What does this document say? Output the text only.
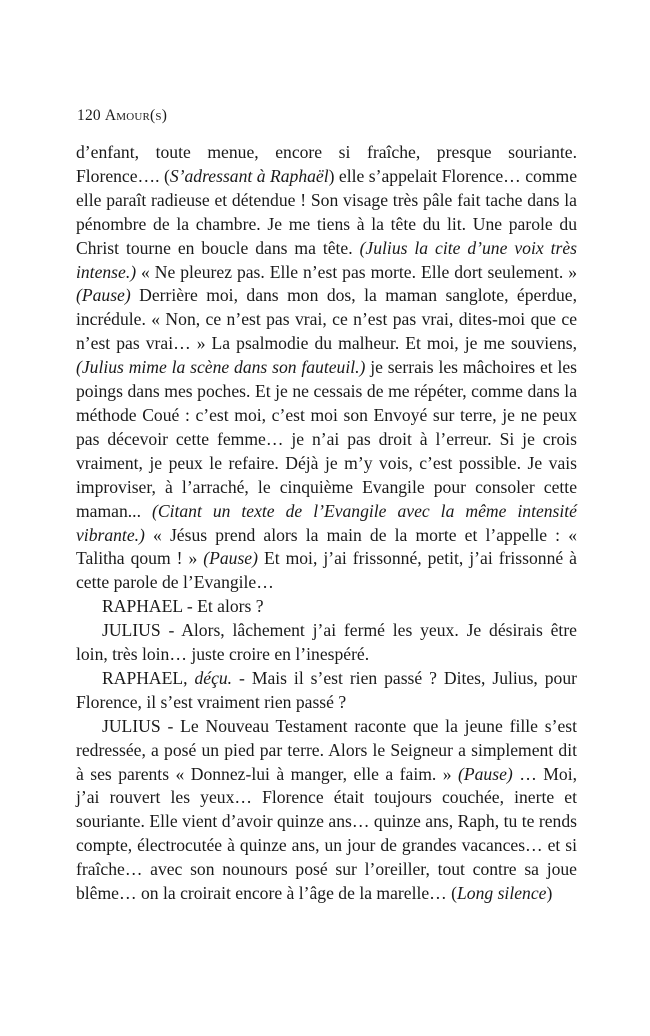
120 Amour(s)

d’enfant, toute menue, encore si fraîche, presque souriante. Florence…. (S’adressant à Raphaël) elle s’appelait Florence… comme elle paraît radieuse et détendue ! Son visage très pâle fait tache dans la pénombre de la chambre. Je me tiens à la tête du lit. Une parole du Christ tourne en boucle dans ma tête. (Julius la cite d’une voix très intense.) « Ne pleurez pas. Elle n’est pas morte. Elle dort seulement. » (Pause) Derrière moi, dans mon dos, la maman sanglote, éperdue, incrédule. « Non, ce n’est pas vrai, ce n’est pas vrai, dites-moi que ce n’est pas vrai… » La psalmodie du malheur. Et moi, je me souviens, (Julius mime la scène dans son fauteuil.) je serrais les mâchoires et les poings dans mes poches. Et je ne cessais de me répéter, comme dans la méthode Coué : c’est moi, c’est moi son Envoyé sur terre, je ne peux pas décevoir cette femme… je n’ai pas droit à l’erreur. Si je crois vraiment, je peux le refaire. Déjà je m’y vois, c’est possible. Je vais improviser, à l’arraché, le cinquième Evangile pour consoler cette maman... (Citant un texte de l’Evangile avec la même intensité vibrante.) « Jésus prend alors la main de la morte et l’appelle : « Talitha qoum ! » (Pause) Et moi, j’ai frissonné, petit, j’ai frissonné à cette parole de l’Evangile…

RAPHAEL - Et alors ?

JULIUS - Alors, lâchement j’ai fermé les yeux. Je désirais être loin, très loin… juste croire en l’inespéré.

RAPHAEL, déçu. - Mais il s’est rien passé ? Dites, Julius, pour Florence, il s’est vraiment rien passé ?

JULIUS - Le Nouveau Testament raconte que la jeune fille s’est redressée, a posé un pied par terre. Alors le Seigneur a simplement dit à ses parents « Donnez-lui à manger, elle a faim. » (Pause) … Moi, j’ai rouvert les yeux… Florence était toujours couchée, inerte et souriante. Elle vient d’avoir quinze ans… quinze ans, Raph, tu te rends compte, électrocutée à quinze ans, un jour de grandes vacances… et si fraîche… avec son nounours posé sur l’oreiller, tout contre sa joue blême… on la croirait encore à l’âge de la marelle… (Long silence)
